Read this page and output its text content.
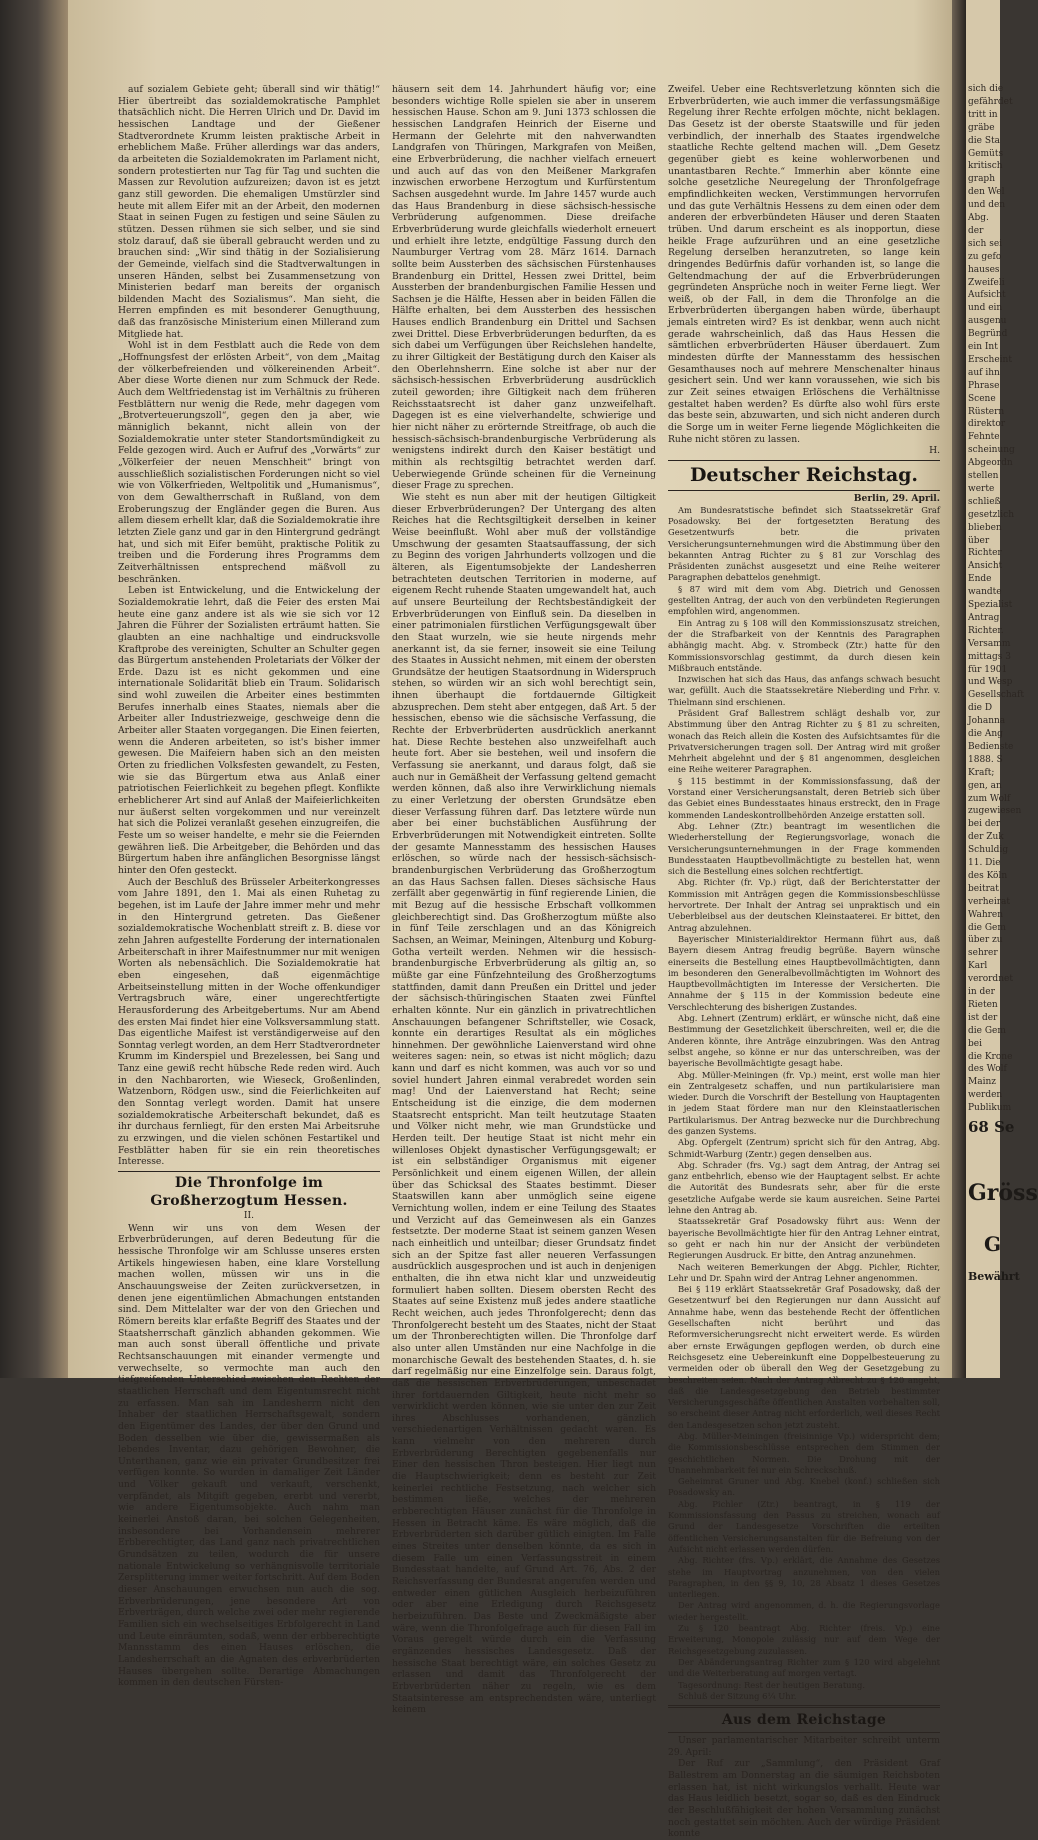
auf sozialem Gebiete geht; überall sind wir thätig!“ Hier übertreibt das sozialdemokratische Pamphlet thatsächlich nicht. Die Herren Ulrich und Dr. David im hessischen Landtage und der Gießener Stadtverordnete Krumm leisten praktische Arbeit in erheblichem Maße. Früher allerdings war das anders, da arbeiteten die Sozialdemokraten im Parlament nicht, sondern protestierten nur Tag für Tag und suchten die Massen zur Revolution aufzureizen; davon ist es jetzt ganz still geworden. Die ehemaligen Umstürzler sind heute mit allem Eifer mit an der Arbeit, den modernen Staat in seinen Fugen zu festigen und seine Säulen zu stützen. Dessen rühmen sie sich selber, und sie sind stolz darauf, daß sie überall gebraucht werden und zu brauchen sind: „Wir sind thätig in der Sozialisierung der Gemeinde, vielfach sind die Stadtverwaltungen in unseren Händen, selbst bei Zusammensetzung von Ministerien bedarf man bereits der organisch bildenden Macht des Sozialismus“. Man sieht, die Herren empfinden es mit besonderer Genugthuung, daß das französische Ministerium einen Millerand zum Mitgliede hat.

Wohl ist in dem Festblatt auch die Rede von dem „Hoffnungsfest der erlösten Arbeit“, von dem „Maitag der völkerbefreienden und völkereinenden Arbeit“. Aber diese Worte dienen nur zum Schmuck der Rede. Auch dem Weltfriedenstag ist im Verhältnis zu früheren Festblättern nur wenig die Rede, mehr dagegen vom „Brotverteuerungszoll“, gegen den ja aber, wie männiglich bekannt, nicht allein von der Sozialdemokratie unter steter Standortsmündigkeit zu Felde gezogen wird. Auch er Aufruf des „Vorwärts“ zur „Völkerfeier der neuen Menschheit“ bringt von ausschließlich sozialistischen Forderungen nicht so viel wie von Völkerfrieden, Weltpolitik und „Humanismus“, von dem Gewaltherrschaft in Rußland, von dem Eroberungszug der Engländer gegen die Buren. Aus allem diesem erhellt klar, daß die Sozialdemokratie ihre letzten Ziele ganz und gar in den Hintergrund gedrängt hat, und sich mit Eifer bemüht, praktische Politik zu treiben und die Forderung ihres Programms dem Zeitverhältnissen entsprechend mäßvoll zu beschränken.

Leben ist Entwickelung, und die Entwickelung der Sozialdemokratie lehrt, daß die Feier des ersten Mai heute eine ganz andere ist als wie sie sich vor 12 Jahren die Führer der Sozialisten erträumt hatten. Sie glaubten an eine nachhaltige und eindrucksvolle Kraftprobe des vereinigten, Schulter an Schulter gegen das Bürgertum anstehenden Proletariats der Völker der Erde. Dazu ist es nicht gekommen und eine internationale Solidarität blieb ein Traum. Solidarisch sind wohl zuweilen die Arbeiter eines bestimmten Berufes innerhalb eines Staates, niemals aber die Arbeiter aller Industriezweige, geschweige denn die Arbeiter aller Staaten vorgegangen. Die Einen feierten, wenn die Anderen arbeiteten, so ist's bisher immer gewesen. Die Maifeiern haben sich an den meisten Orten zu friedlichen Volksfesten gewandelt, zu Festen, wie sie das Bürgertum etwa aus Anlaß einer patriotischen Feierlichkeit zu begehen pflegt. Konflikte erheblicherer Art sind auf Anlaß der Maifeierlichkeiten nur äußerst selten vorgekommen und nur vereinzelt hat sich die Polizei veranlaßt gesehen einzugreifen, die Feste um so weiser handelte, e mehr sie die Feiernden gewähren ließ. Die Arbeitgeber, die Behörden und das Bürgertum haben ihre anfänglichen Besorgnisse längst hinter den Ofen gesteckt.

Auch der Beschluß des Brüsseler Arbeiterkongresses vom Jahre 1891, den 1. Mai als einen Ruhetag zu begehen, ist im Laufe der Jahre immer mehr und mehr in den Hintergrund getreten. Das Gießener sozialdemokratische Wochenblatt streift z. B. diese vor zehn Jahren aufgestellte Forderung der internationalen Arbeiterschaft in ihrer Maifestnummer nur mit wenigen Worten als nebensächlich. Die Sozialdemokratie hat eben eingesehen, daß eigenmächtige Arbeitseinstellung mitten in der Woche offenkundiger Vertragsbruch wäre, einer ungerechtfertigte Herausforderung des Arbeitgebertums. Nur am Abend des ersten Mai findet hier eine Volksversammlung statt. Das eigentliche Maifest ist verständigerweise auf den Sonntag verlegt worden, an dem Herr Stadtverordneter Krumm im Kinderspiel und Brezelessen, bei Sang und Tanz eine gewiß recht hübsche Rede reden wird. Auch in den Nachbarorten, wie Wieseck, Großenlinden, Watzenborn, Rödgen usw., sind die Feierlichkeiten auf den Sonntag verlegt worden. Damit hat unsere sozialdemokratische Arbeiterschaft bekundet, daß es ihr durchaus fernliegt, für den ersten Mai Arbeitsruhe zu erzwingen, und die vielen schönen Festartikel und Festblätter haben für sie ein rein theoretisches Interesse.

Die Thronfolge im Großherzogtum Hessen.
II.

Wenn wir uns von dem Wesen der Erbverbrüderungen, auf deren Bedeutung für die hessische Thronfolge wir am Schlusse unseres ersten Artikels hingewiesen haben, eine klare Vorstellung machen wollen, müssen wir uns in die Anschauungsweise der Zeiten zurückversetzen, in denen jene eigentümlichen Abmachungen entstanden sind. Dem Mittelalter war der von den Griechen und Römern bereits klar erfaßte Begriff des Staates und der Staatsherrschaft gänzlich abhanden gekommen. Wie man auch sonst überall öffentliche und private Rechtsanschauungen mit einander vermengte und verwechselte, so vermochte man auch den tiefgreifenden Unterschied zwischen den Rechten der staatlichen Herrschaft und dem Eigentumsrecht nicht zu erfassen. Man sah im Landesherrn nicht den Inhaber der staatlichen Herrschaftsgewalt, sondern den Eigentümer des Landes, der über den Grund und Boden desselben wie über die, gewissermaßen als lebendes Inventar, dazu gehörigen Bewohner, die Unterthanen, ganz wie ein privater Grundbesitzer frei verfügen konnte. So wurden in damaliger Zeit Länder und Völker gekauft und verkauft, verschenkt, verpfändet, als Mitgift gegeben, ererbt und vererbt, wie andere Eigentumsobjekte. Auch nahm man keinerlei Anstoß daran, bei solchen Gelegenheiten, insbesondere bei Vorhandensein mehrerer Erbberechtigter, das Land ganz nach privatrechtlichen Grundsätzen zu teilen, wodurch die für unsere nationale Entwickelung so verhängnisvolle territoriale Zersplitterung immer weiter fortschritt. Auf dem Boden dieser Anschauungen erwuchsen nun auch die sog. Erbverbrüderungen, jene besondere Art von Erbverträgen, durch welche zwei oder mehr regierende Familien sich ein wechselseitiges Erbfolgerecht in Land und Leute einräumten, sodaß, wenn der erbberechtigte Mannsstamm des einen Hauses erlöschen, die Landesherrschaft an die Agnaten des erbverbrüderten Hauses übergehen sollte. Derartige Abmachungen kommen in den deutschen Fürsten-

häusern seit dem 14. Jahrhundert häufig vor; eine besonders wichtige Rolle spielen sie aber in unserem hessischen Hause. Schon am 9. Juni 1373 schlossen die hessischen Landgrafen Heinrich der Eiserne und Hermann der Gelehrte mit den nahverwandten Landgrafen von Thüringen, Markgrafen von Meißen, eine Erbverbrüderung, die nachher vielfach erneuert und auch auf das von den Meißener Markgrafen inzwischen erworbene Herzogtum und Kurfürstentum Sachsen ausgedehnt wurde. Im Jahre 1457 wurde auch das Haus Brandenburg in diese sächsisch-hessische Verbrüderung aufgenommen. Diese dreifache Erbverbrüderung wurde gleichfalls wiederholt erneuert und erhielt ihre letzte, endgültige Fassung durch den Naumburger Vertrag vom 28. März 1614. Darnach sollte beim Aussterben des sächsischen Fürstenhauses Brandenburg ein Drittel, Hessen zwei Drittel, beim Aussterben der brandenburgischen Familie Hessen und Sachsen je die Hälfte, Hessen aber in beiden Fällen die Hälfte erhalten, bei dem Aussterben des hessischen Hauses endlich Brandenburg ein Drittel und Sachsen zwei Drittel. Diese Erbverbrüderungen bedurften, da es sich dabei um Verfügungen über Reichslehen handelte, zu ihrer Giltigkeit der Bestätigung durch den Kaiser als den Oberlehnsherrn. Eine solche ist aber nur der sächsisch-hessischen Erbverbrüderung ausdrücklich zuteil geworden; ihre Giltigkeit nach dem früheren Reichsstaatsrecht ist daher ganz unzweifelhaft. Dagegen ist es eine vielverhandelte, schwierige und hier nicht näher zu erörternde Streitfrage, ob auch die hessisch-sächsisch-brandenburgische Verbrüderung als wenigstens indirekt durch den Kaiser bestätigt und mithin als rechtsgiltig betrachtet werden darf. Ueberwiegende Gründe scheinen für die Verneinung dieser Frage zu sprechen.

Wie steht es nun aber mit der heutigen Giltigkeit dieser Erbverbrüderungen? Der Untergang des alten Reiches hat die Rechtsgiltigkeit derselben in keiner Weise beeinflußt. Wohl aber muß der vollständige Umschwung der gesamten Staatsauffassung, der sich zu Beginn des vorigen Jahrhunderts vollzogen und die älteren, als Eigentumsobjekte der Landesherren betrachteten deutschen Territorien in moderne, auf eigenem Recht ruhende Staaten umgewandelt hat, auch auf unsere Beurteilung der Rechtsbeständigkeit der Erbverbrüderungen von Einfluß sein. Da dieselben in einer patrimonialen fürstlichen Verfügungsgewalt über den Staat wurzeln, wie sie heute nirgends mehr anerkannt ist, da sie ferner, insoweit sie eine Teilung des Staates in Aussicht nehmen, mit einem der obersten Grundsätze der heutigen Staatsordnung in Widerspruch stehen, so würden wir an sich wohl berechtigt sein, ihnen überhaupt die fortdauernde Giltigkeit abzusprechen. Dem steht aber entgegen, daß Art. 5 der hessischen, ebenso wie die sächsische Verfassung, die Rechte der Erbverbrüderten ausdrücklich anerkannt hat. Diese Rechte bestehen also unzweifelhaft auch heute fort. Aber sie bestehen, weil und insofern die Verfassung sie anerkannt, und daraus folgt, daß sie auch nur in Gemäßheit der Verfassung geltend gemacht werden können, daß also ihre Verwirklichung niemals zu einer Verletzung der obersten Grundsätze eben dieser Verfassung führen darf. Das letztere würde nun aber bei einer buchstäblichen Ausführung der Erbverbrüderungen mit Notwendigkeit eintreten. Sollte der gesamte Mannesstamm des hessischen Hauses erlöschen, so würde nach der hessisch-sächsisch-brandenburgischen Verbrüderung das Großherzogtum an das Haus Sachsen fallen. Dieses sächsische Haus zerfällt aber gegenwärtig in fünf regierende Linien, die mit Bezug auf die hessische Erbschaft vollkommen gleichberechtigt sind. Das Großherzogtum müßte also in fünf Teile zerschlagen und an das Königreich Sachsen, an Weimar, Meiningen, Altenburg und Koburg-Gotha verteilt werden. Nehmen wir die hessisch-brandenburgische Erbverbrüderung als giltig an, so müßte gar eine Fünfzehnteilung des Großherzogtums stattfinden, damit dann Preußen ein Drittel und jeder der sächsisch-thüringischen Staaten zwei Fünftel erhalten könnte. Nur ein gänzlich in privatrechtlichen Anschauungen befangener Schriftsteller, wie Cosack, konnte ein derartiges Resultat als ein mögliches hinnehmen. Der gewöhnliche Laienverstand wird ohne weiteres sagen: nein, so etwas ist nicht möglich; dazu kann und darf es nicht kommen, was auch vor so und soviel hundert Jahren einmal verabredet worden sein mag! Und der Laienverstand hat Recht; seine Entscheidung ist die einzige, die dem modernen Staatsrecht entspricht. Man teilt heutzutage Staaten und Völker nicht mehr, wie man Grundstücke und Herden teilt. Der heutige Staat ist nicht mehr ein willenloses Objekt dynastischer Verfügungsgewalt; er ist ein selbständiger Organismus mit eigener Persönlichkeit und einem eigenen Willen, der allein über das Schicksal des Staates bestimmt. Dieser Staatswillen kann aber unmöglich seine eigene Vernichtung wollen, indem er eine Teilung des Staates und Verzicht auf das Gemeinwesen als ein Ganzes festsetzte. Der moderne Staat ist seinem ganzen Wesen nach einheitlich und unteilbar; dieser Grundsatz findet sich an der Spitze fast aller neueren Verfassungen ausdrücklich ausgesprochen und ist auch in denjenigen enthalten, die ihn etwa nicht klar und unzweideutig formuliert haben sollten. Diesem obersten Recht des Staates auf seine Existenz muß jedes andere staatliche Recht weichen, auch jedes Thronfolgerecht; denn das Thronfolgerecht besteht um des Staates, nicht der Staat um der Thronberechtigten willen. Die Thronfolge darf also unter allen Umständen nur eine Nachfolge in die monarchische Gewalt des bestehenden Staates, d. h. sie darf regelmäßig nur eine Einzelfolge sein. Daraus folgt, daß die hessischen Erbverbrüderungen, unbeschadet ihrer fortdauernden Giltigkeit, heute nicht mehr so verwirklicht werden können, wie sie unter den zur Zeit ihres Abschlusses vorhandenen, gänzlich verschiedenartigen Verhältnissen gedacht waren. Es kann vielmehr von den mehreren durch Erbverbrüderung Berechtigten gegebenenfalls nur Einer den hessischen Thron besteigen. Hier liegt nun die Hauptschwierigkeit; denn es besteht zur Zeit keinerlei rechtliche Festsetzung, nach welcher sich bestimmen ließe, welches der mehreren erbberechtigten Häuser zunächst für die Thronfolge in Hessen in Betracht käme. Es wäre möglich, daß die Erbverbrüderten sich darüber gütlich einigten. Im Falle eines Streites unter denselben könnte, da es sich in diesem Falle um einen Verfassungsstreit in einem Bundesstaat handelte, auf Grund Art. 76, Abs. 2 der Reichsverfassung der Bundesrat angerufen werden und entweder einen gütlichen Ausgleich herbeizuführen oder aber eine Erledigung durch Reichsgesetz herbeizuführen. Das Beste und Zweckmäßigste aber wäre, wenn die Thronfolgefrage auch für diesen Fall im Voraus geregelt würde durch ein die Verfassung ergänzendes hessisches Landesgesetz. Daß der hessische Staat berechtigt wäre, ein solches Gesetz zu erlassen und damit das Thronfolgerecht der Erbverbrüderten näher zu regeln, wie es dem Staatsinteresse am entsprechendsten wäre, unterliegt keinem

Zweifel. Ueber eine Rechtsverletzung könnten sich die Erbverbrüderten, wie auch immer die verfassungsmäßige Regelung ihrer Rechte erfolgen möchte, nicht beklagen. Das Gesetz ist der oberste Staatswille und für jeden verbindlich, der innerhalb des Staates irgendwelche staatliche Rechte geltend machen will. „Dem Gesetz gegenüber giebt es keine wohlerworbenen und unantastbaren Rechte.“ Immerhin aber könnte eine solche gesetzliche Neuregelung der Thronfolgefrage empfindlichkeiten wecken, Verstimmungen hervorrufen und das gute Verhältnis Hessens zu dem einen oder dem anderen der erbverbündeten Häuser und deren Staaten trüben. Und darum erscheint es als inopportun, diese heikle Frage aufzurühren und an eine gesetzliche Regelung derselben heranzutreten, so lange kein dringendes Bedürfnis dafür vorhanden ist, so lange die Geltendmachung der auf die Erbverbrüderungen gegründeten Ansprüche noch in weiter Ferne liegt. Wer weiß, ob der Fall, in dem die Thronfolge an die Erbverbrüderten übergangen haben würde, überhaupt jemals eintreten wird? Es ist denkbar, wenn auch nicht gerade wahrscheinlich, daß das Haus Hessen die sämtlichen erbverbrüderten Häuser überdauert. Zum mindesten dürfte der Mannesstamm des hessischen Gesamthauses noch auf mehrere Menschenalter hinaus gesichert sein. Und wer kann voraussehen, wie sich bis zur Zeit seines etwaigen Erlöschens die Verhältnisse gestaltet haben werden? Es dürfte also wohl fürs erste das beste sein, abzuwarten, und sich nicht anderen durch die Sorge um in weiter Ferne liegende Möglichkeiten die Ruhe nicht stören zu lassen.

H.
Deutscher Reichstag.
Berlin, 29. April.

Am Bundesratstische befindet sich Staatssekretär Graf Posadowsky. Bei der fortgesetzten Beratung des Gesetzentwurfs betr. die privaten Versicherungsunternehmungen wird die Abstimmung über den bekannten Antrag Richter zu § 81 zur Vorschlag des Präsidenten zunächst ausgesetzt und eine Reihe weiterer Paragraphen debattelos genehmigt.

§ 87 wird mit dem vom Abg. Dietrich und Genossen gestellten Antrag, der auch von den verbündeten Regierungen empfohlen wird, angenommen.

Ein Antrag zu § 108 will den Kommissionszusatz streichen, der die Strafbarkeit von der Kenntnis des Paragraphen abhängig macht. Abg. v. Strombeck (Ztr.) hatte für den Kommissionsvorschlag gestimmt, da durch diesen kein Mißbrauch entstände.

Inzwischen hat sich das Haus, das anfangs schwach besucht war, gefüllt. Auch die Staatssekretäre Nieberding und Frhr. v. Thielmann sind erschienen.

Präsident Graf Ballestrem schlägt deshalb vor, zur Abstimmung über den Antrag Richter zu § 81 zu schreiten, wonach das Reich allein die Kosten des Aufsichtsamtes für die Privatversicherungen tragen soll. Der Antrag wird mit großer Mehrheit abgelehnt und der § 81 angenommen, desgleichen eine Reihe weiterer Paragraphen.

§ 115 bestimmt in der Kommissionsfassung, daß der Vorstand einer Versicherungsanstalt, deren Betrieb sich über das Gebiet eines Bundesstaates hinaus erstreckt, den in Frage kommenden Landeskontrollbehörden Anzeige erstatten soll.

Abg. Lehner (Ztr.) beantragt im wesentlichen die Wiederherstellung der Regierungsvorlage, wonach die Versicherungsunternehmungen in der Frage kommenden Bundesstaaten Hauptbevollmächtigte zu bestellen hat, wenn sich die Bestellung eines solchen rechtfertigt.

Abg. Richter (fr. Vp.) rügt, daß der Berichterstatter der Kommission mit Anträgen gegen die Kommissionsbeschlüsse hervortrete. Der Inhalt der Antrag sei unpraktisch und ein Ueberbleibsel aus der deutschen Kleinstaaterei. Er bittet, den Antrag abzulehnen.

Bayerischer Ministerialdirektor Hermann führt aus, daß Bayern diesem Antrag freudig begrüße. Bayern wünsche einerseits die Bestellung eines Hauptbevollmächtigten, dann im besonderen den Generalbevollmächtigten im Wohnort des Hauptbevollmächtigten im Interesse der Versicherten. Die Annahme der § 115 in der Kommission bedeute eine Verschlechterung des bisherigen Zustandes.

Abg. Lehnert (Zentrum) erklärt, er wünsche nicht, daß eine Bestimmung der Gesetzlichkeit überschreiten, weil er, die die Anderen könnte, ihre Anträge einzubringen. Was den Antrag selbst angehe, so könne er nur das unterschreiben, was der bayerische Bevollmächtigte gesagt habe.

Abg. Müller-Meiningen (fr. Vp.) meint, erst wolle man hier ein Zentralgesetz schaffen, und nun partikularisiere man wieder. Durch die Vorschrift der Bestellung von Hauptagenten in jedem Staat fördere man nur den Kleinstaatlerischen Partikularismus. Der Antrag bezwecke nur die Durchbrechung des ganzen Systems.

Abg. Opfergelt (Zentrum) spricht sich für den Antrag, Abg. Schmidt-Warburg (Zentr.) gegen denselben aus.

Abg. Schrader (frs. Vg.) sagt dem Antrag, der Antrag sei ganz entbehrlich, ebenso wie der Hauptagent selbst. Er achte die Autorität des Bundesrats sehr, aber für die erste gesetzliche Aufgabe werde sie kaum ausreichen. Seine Partei lehne den Antrag ab.

Staatssekretär Graf Posadowsky führt aus: Wenn der bayerische Bevollmächtigte hier für den Antrag Lehner eintrat, so geht er nach hin nur der Ansicht der verbündeten Regierungen Ausdruck. Er bitte, den Antrag anzunehmen.

Nach weiteren Bemerkungen der Abgg. Pichler, Richter, Lehr und Dr. Spahn wird der Antrag Lehner angenommen.

Bei § 119 erklärt Staatssekretär Graf Posadowsky, daß der Gesetzentwurf bei den Regierungen nur dann Aussicht auf Annahme habe, wenn das bestehende Recht der öffentlichen Gesellschaften nicht berührt und das Reformversicherungsrecht nicht erweitert werde. Es würden aber ernste Erwägungen gepflogen werden, ob durch eine Reichsgesetz eine Uebereinkunft eine Doppelbesteuerung zu vermeiden oder ob überall den Weg der Gesetzgebung zu beschreiten seien. Nach der Antrag Albrecht zu § 120 angeht, daß die Landesgesetzgebung den Betrieb bestimmter Versicherungsgeschäfte öffentlichen Anstalten vorbehalten soll, so erscheint dieser Antrag nicht erforderlich, weil dieses Recht den Landesgesetzen schon jetzt zusteht.

Abg. Müller-Meiningen (freisinnige Vp.) widerspricht dem; die Kommissionsbeschlüsse entsprechen dem Stimmen der geschichtlichen Normen. Die Drohung mit der Unannehmbarkeit fei nur ein Schreckschuß.

Geheimrat Gruner und Abg. Knebel (konf.) schließen sich Posadowsky an.

Abg. Pichler (Ztr.) beantragt, in § 119 der Kommissionsfassung den Passus zu streichen, wonach auf Grund der Landesgesetze Vorschriften die erteilten öffentlichen Versicherungsanstalten für die Befreiung von der Aufsicht nicht erlassen werden dürfen.

Abg. Richter (frs. Vp.) erklärt, die Annahme des Gesetzes stehe im Hauptvortrag anzunehmen, von den vielen Paragraphen, in den §§ 9, 10, 28 Absatz 1 dieses Gesetzes unterliegen.

Der Antrag wird angenommen, d. h. die Regierungsvorlage wieder hergestellt.

Zu § 120 beantragt Abg. Richter (freis. Vp.) eine Erweiterung, Monopole zulässig nur auf dem Wege der Reichsgesetzgebung zuzulassen.

Der Abänderungsantrag Richter zum § 120 wird abgelehnt und die Weiterberatung auf morgen vertagt.

Tagesordnung: Rest der heutigen Beratung.

Schluß der Sitzung 6¼ Uhr.

Aus dem Reichstage

Unser parlamentarischer Mitarbeiter schreibt unterm 29. April:

Der Ruf zur „Sammlung“, den Präsident Graf Ballestrem am Donnerstag an die säumigen Reichsboten erlassen hat, ist nicht wirkungslos verhallt. Heute war das Haus leidlich besetzt, sogar so, daß es den Eindruck der Beschlußfähigkeit der hohen Versammlung zunächst noch gestattet sein möchten. Auch der würdige Präsident konnte

68 Se
Gröss
G
Bewährt
sich die
gefährdet
tritt in
gräbe
die Sta
Gemüts
kritisch
graph
den Wel
und den
Abg.
der
sich sei
zu gefo
hauses
Zweifeli
Aufsicht
und ein
ausgenu
Begründ
ein Int
Erscheint
auf ihn
Phrase
Scene
Rüstern
direktor
Fehnte
scheinung
Abgeordn
stellen
werte
schließ
gesetzlich
blieben
über
Richter
Ansicht
Ende
wandte
Spezialist
Antrag
Richter.
Versamm
mittags 3
für 1901
und Wesp
Gesellschaft
die D
Johanna
die Ang
Bedienste
1888. S
Kraft;
gen, an
zum Wolf
zugewiesen
bei der
der Zuk
Schuldig
11. Die
des Köln
beitrat
verheirat
Wahren
die Gem
über zu
sehrer
Karl
verordnet
in der
Rieten
ist der
die Gem
bei
die Krone
des Wolf
Mainz
werden
Publikum
